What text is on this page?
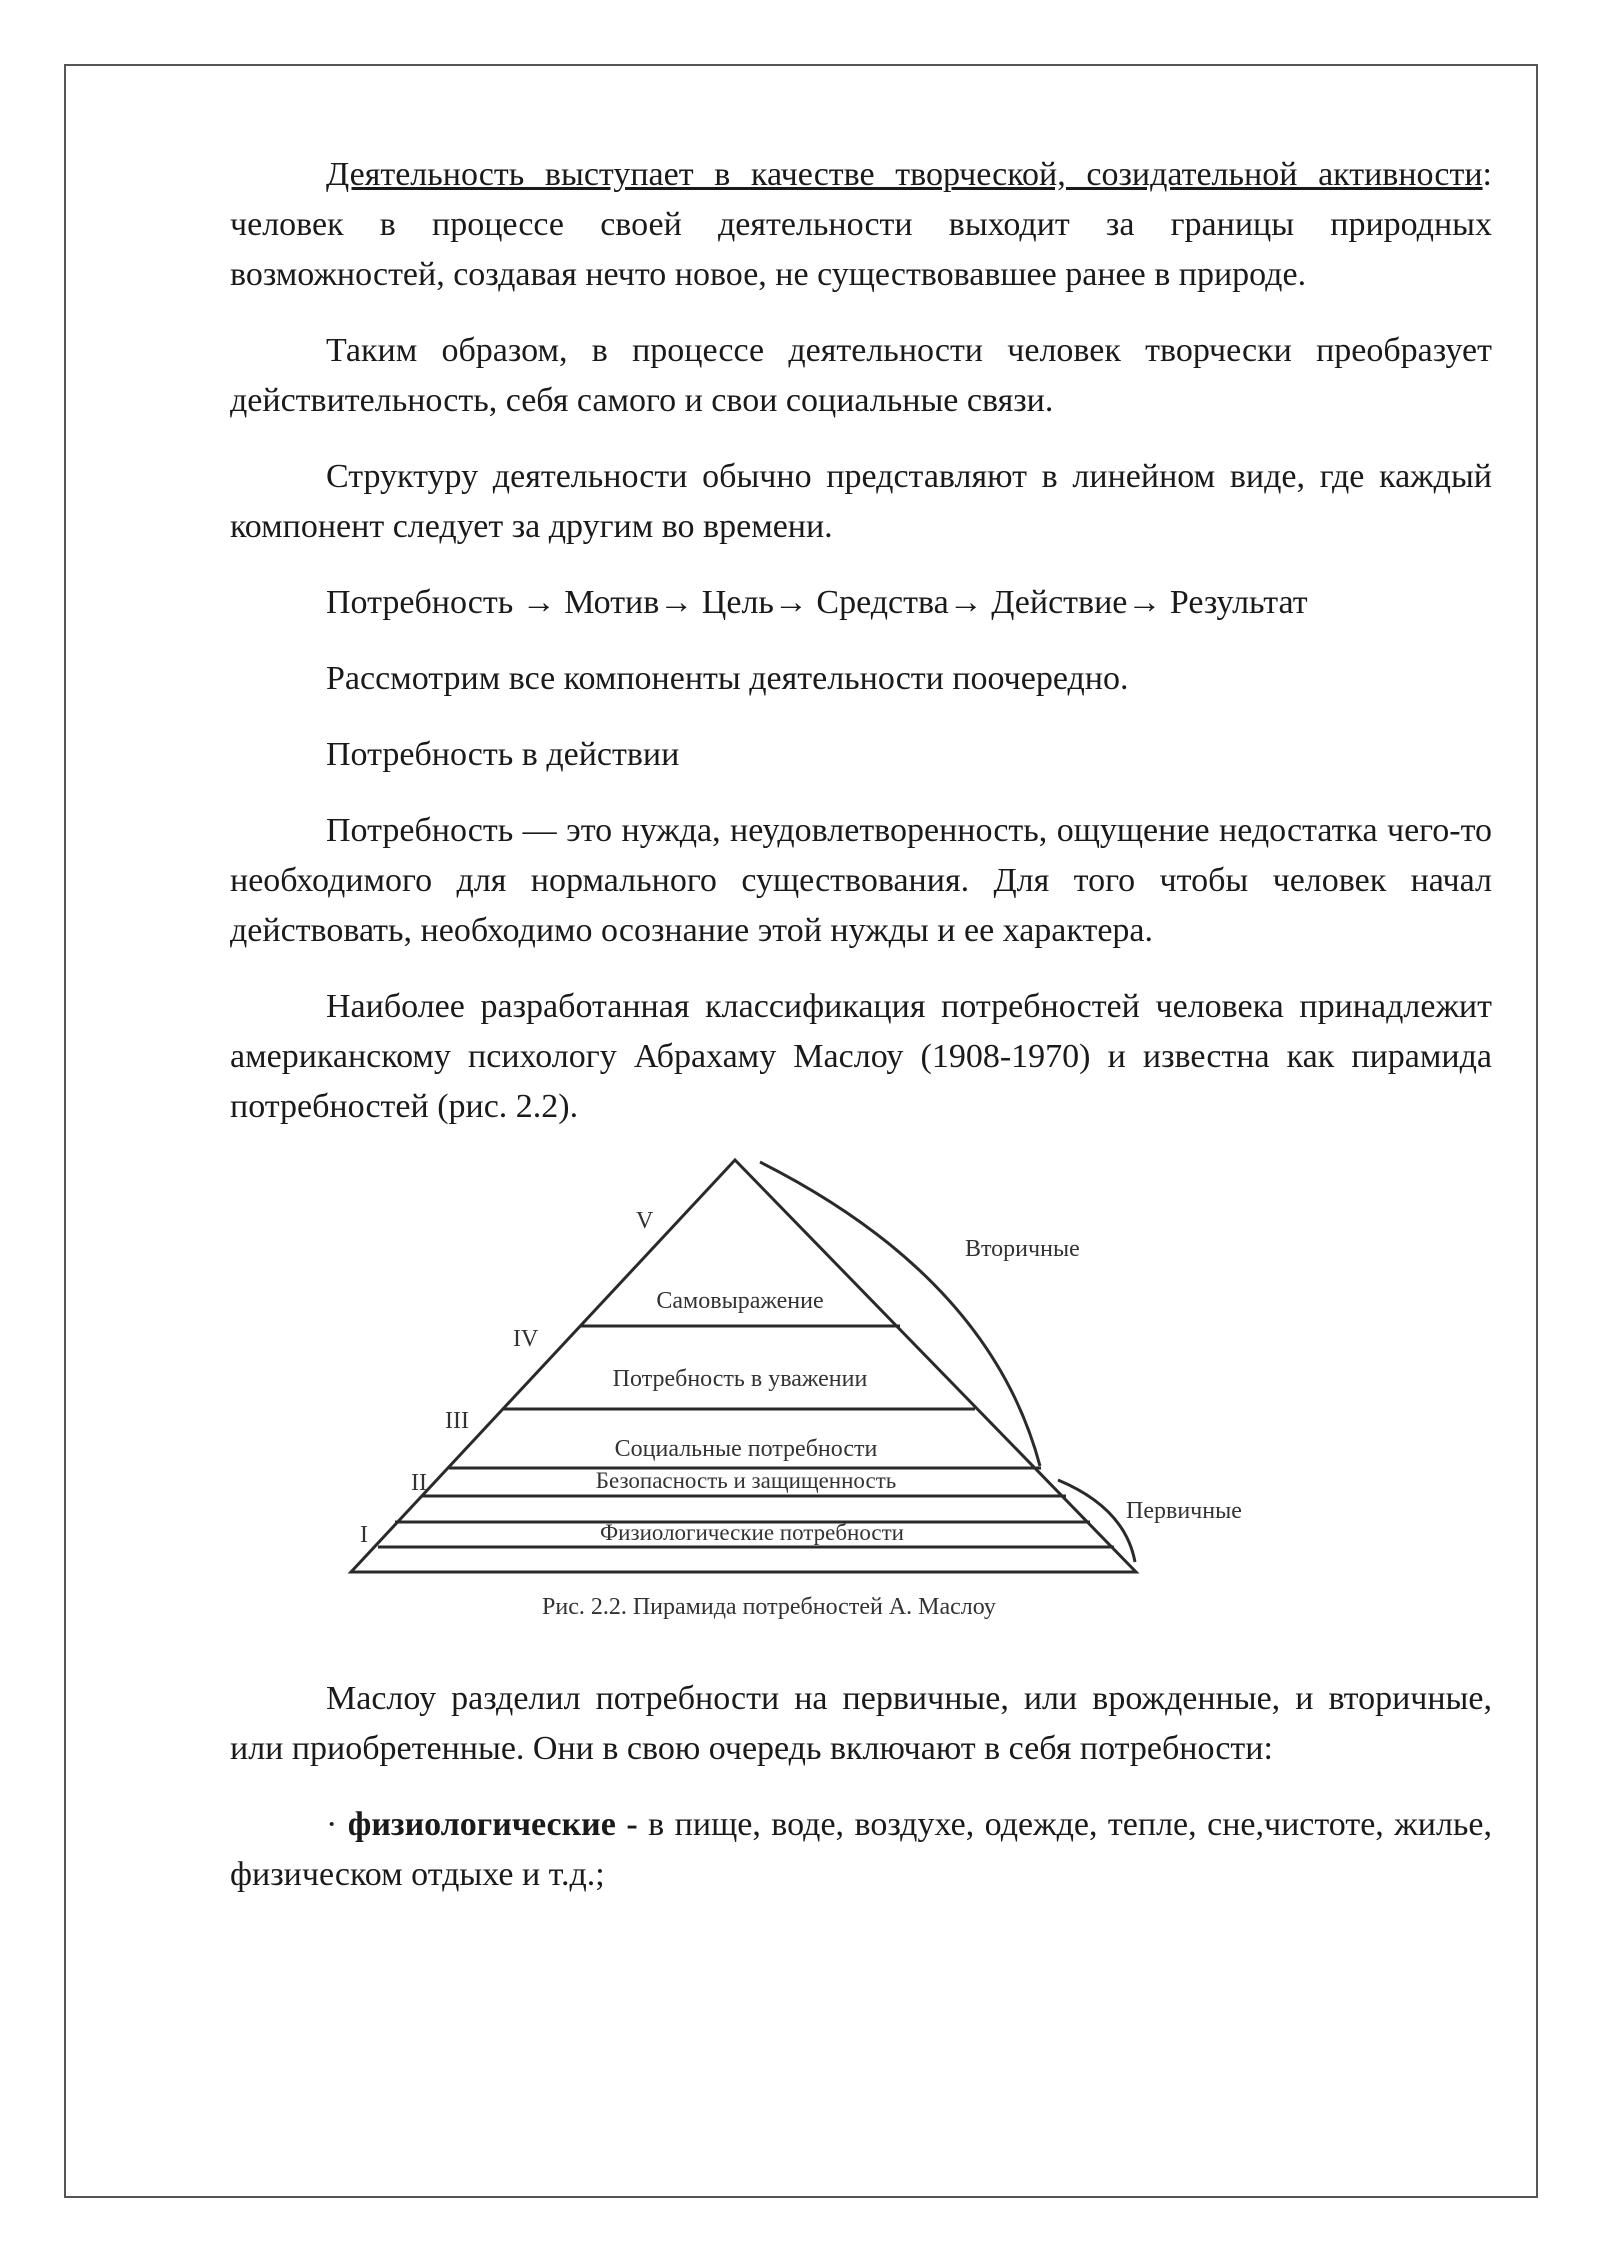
Деятельность выступает в качестве творческой, созидательной активности: человек в процессе своей деятельности выходит за границы природных возможностей, создавая нечто новое, не существовавшее ранее в природе.

Таким образом, в процессе деятельности человек творчески преобразует действительность, себя самого и свои социальные связи.

Структуру деятельности обычно представляют в линейном виде, где каждый компонент следует за другим во времени.

Потребность → Мотив→ Цель→ Средства→ Действие→ Результат

Рассмотрим все компоненты деятельности поочередно.

Потребность в действии

Потребность — это нужда, неудовлетворенность, ощущение недостатка чего-то необходимого для нормального существования. Для того чтобы человек начал действовать, необходимо осознание этой нужды и ее характера.

Наиболее разработанная классификация потребностей человека принадлежит американскому психологу Абрахаму Маслоу (1908-1970) и известна как пирамида потребностей (рис. 2.2).

V
IV
III
II
I
Самовыражение
Потребность в уважении
Социальные потребности
Безопасность и защищенность
Физиологические потребности
Вторичные
Первичные
Рис. 2.2. Пирамида потребностей А. Маслоу

Маслоу разделил потребности на первичные, или врожденные, и вторичные, или приобретенные. Они в свою очередь включают в себя потребности:

· физиологические - в пище, воде, воздухе, одежде, тепле, сне,чистоте, жилье, физическом отдыхе и т.д.;
